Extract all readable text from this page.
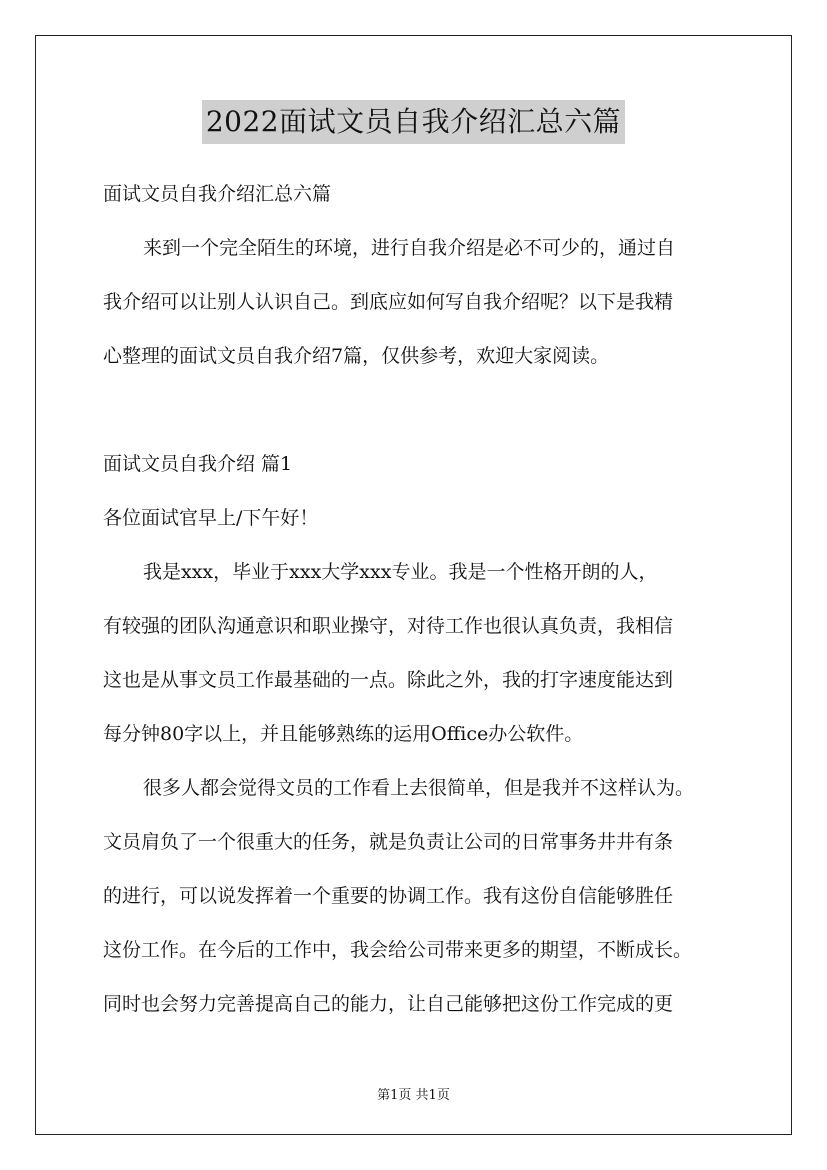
2022面试文员自我介绍汇总六篇
面试文员自我介绍汇总六篇
来到一个完全陌生的环境，进行自我介绍是必不可少的，通过自
我介绍可以让别人认识自己。到底应如何写自我介绍呢？以下是我精
心整理的面试文员自我介绍7篇，仅供参考，欢迎大家阅读。
面试文员自我介绍 篇1
各位面试官早上/下午好！
我是xxx，毕业于xxx大学xxx专业。我是一个性格开朗的人，
有较强的团队沟通意识和职业操守，对待工作也很认真负责，我相信
这也是从事文员工作最基础的一点。除此之外，我的打字速度能达到
每分钟80字以上，并且能够熟练的运用Office办公软件。
很多人都会觉得文员的工作看上去很简单，但是我并不这样认为。
文员肩负了一个很重大的任务，就是负责让公司的日常事务井井有条
的进行，可以说发挥着一个重要的协调工作。我有这份自信能够胜任
这份工作。在今后的工作中，我会给公司带来更多的期望，不断成长。
同时也会努力完善提高自己的能力，让自己能够把这份工作完成的更
第1页 共1页
